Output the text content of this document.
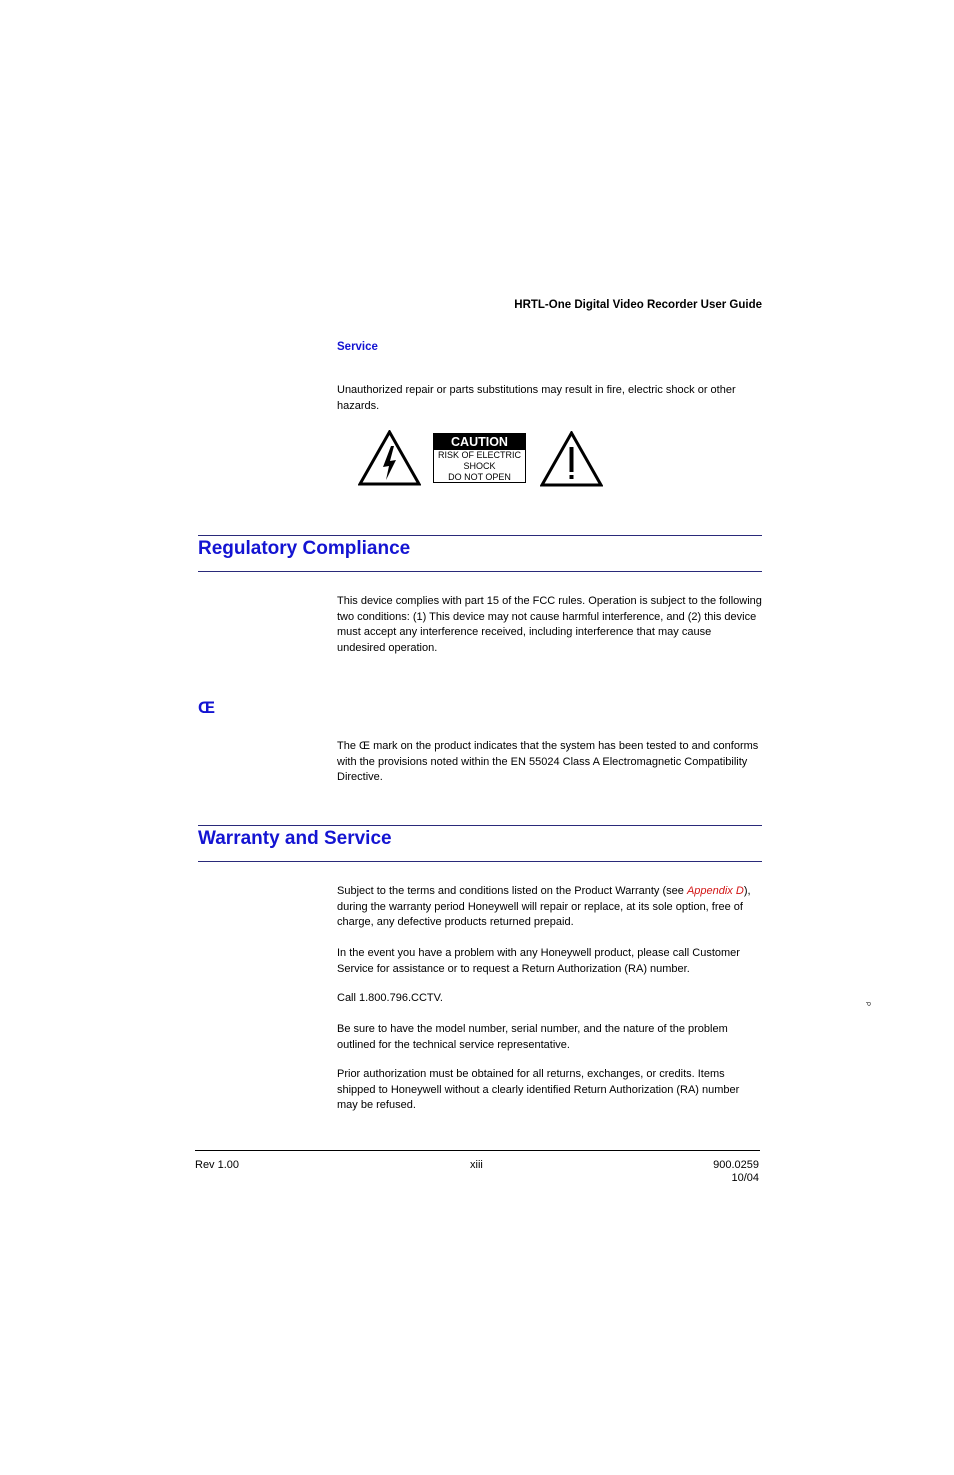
HRTL-One Digital Video Recorder User Guide
Service
Unauthorized repair or parts substitutions may result in fire, electric shock or other hazards.
CAUTION
RISK OF ELECTRIC
SHOCK
DO NOT OPEN
Regulatory Compliance
This device complies with part 15 of the FCC rules. Operation is subject to the following two conditions: (1) This device may not cause harmful interference, and (2) this device must accept any interference received, including interference that may cause undesired operation.
Œ
The Œ mark on the product indicates that the system has been tested to and conforms with the provisions noted within the EN 55024 Class A Electromagnetic Compatibility Directive.
Warranty and Service
Subject to the terms and conditions listed on the Product Warranty (see Appendix D), during the warranty period Honeywell will repair or replace, at its sole option, free of charge, any defective products returned prepaid.
In the event you have a problem with any Honeywell product, please call Customer Service for assistance or to request a Return Authorization (RA) number.
Call 1.800.796.CCTV.
Be sure to have the model number, serial number, and the nature of the problem outlined for the technical service representative.
Prior authorization must be obtained for all returns, exchanges, or credits. Items shipped to Honeywell without a clearly identified Return Authorization (RA) number may be refused.
P
Rev 1.00	xiii	900.0259
10/04
